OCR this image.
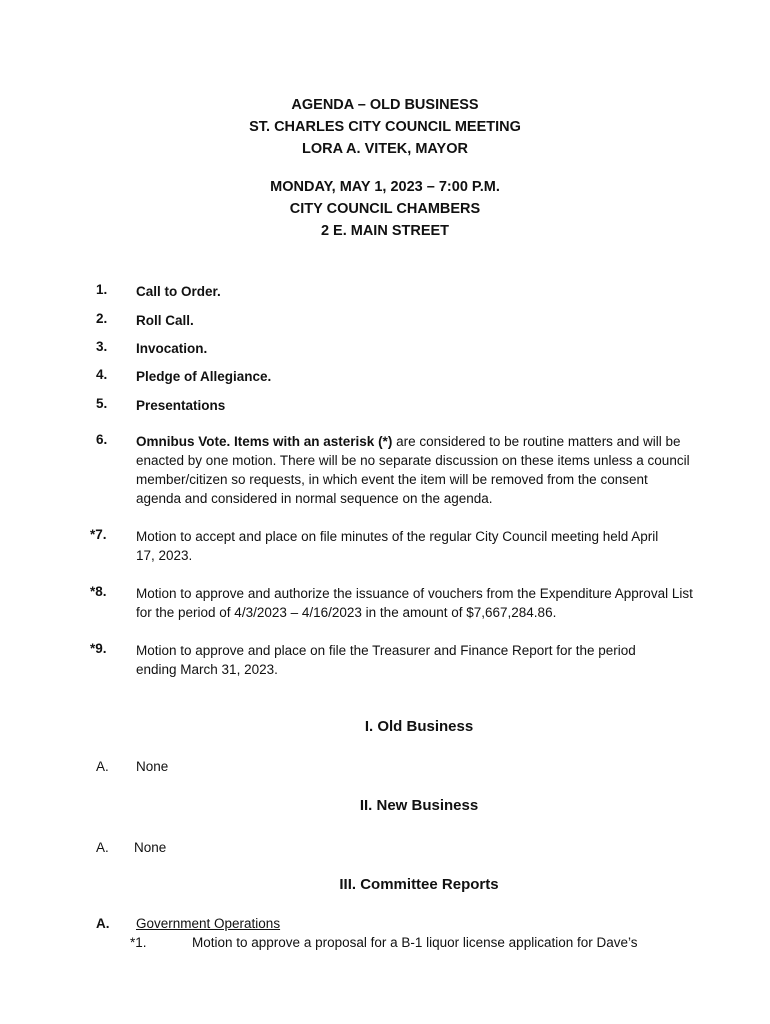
AGENDA – OLD BUSINESS
ST. CHARLES CITY COUNCIL MEETING
LORA A. VITEK, MAYOR
MONDAY, MAY 1, 2023 – 7:00 P.M.
CITY COUNCIL CHAMBERS
2 E. MAIN STREET
1. Call to Order.
2. Roll Call.
3. Invocation.
4. Pledge of Allegiance.
5. Presentations
6. Omnibus Vote. Items with an asterisk (*) are considered to be routine matters and will be enacted by one motion. There will be no separate discussion on these items unless a council member/citizen so requests, in which event the item will be removed from the consent agenda and considered in normal sequence on the agenda.
*7. Motion to accept and place on file minutes of the regular City Council meeting held April 17, 2023.
*8. Motion to approve and authorize the issuance of vouchers from the Expenditure Approval List for the period of 4/3/2023 – 4/16/2023 in the amount of $7,667,284.86.
*9. Motion to approve and place on file the Treasurer and Finance Report for the period ending March 31, 2023.
I. Old Business
A. None
II. New Business
A. None
III. Committee Reports
A. Government Operations
*1.	Motion to approve a proposal for a B-1 liquor license application for Dave’s
